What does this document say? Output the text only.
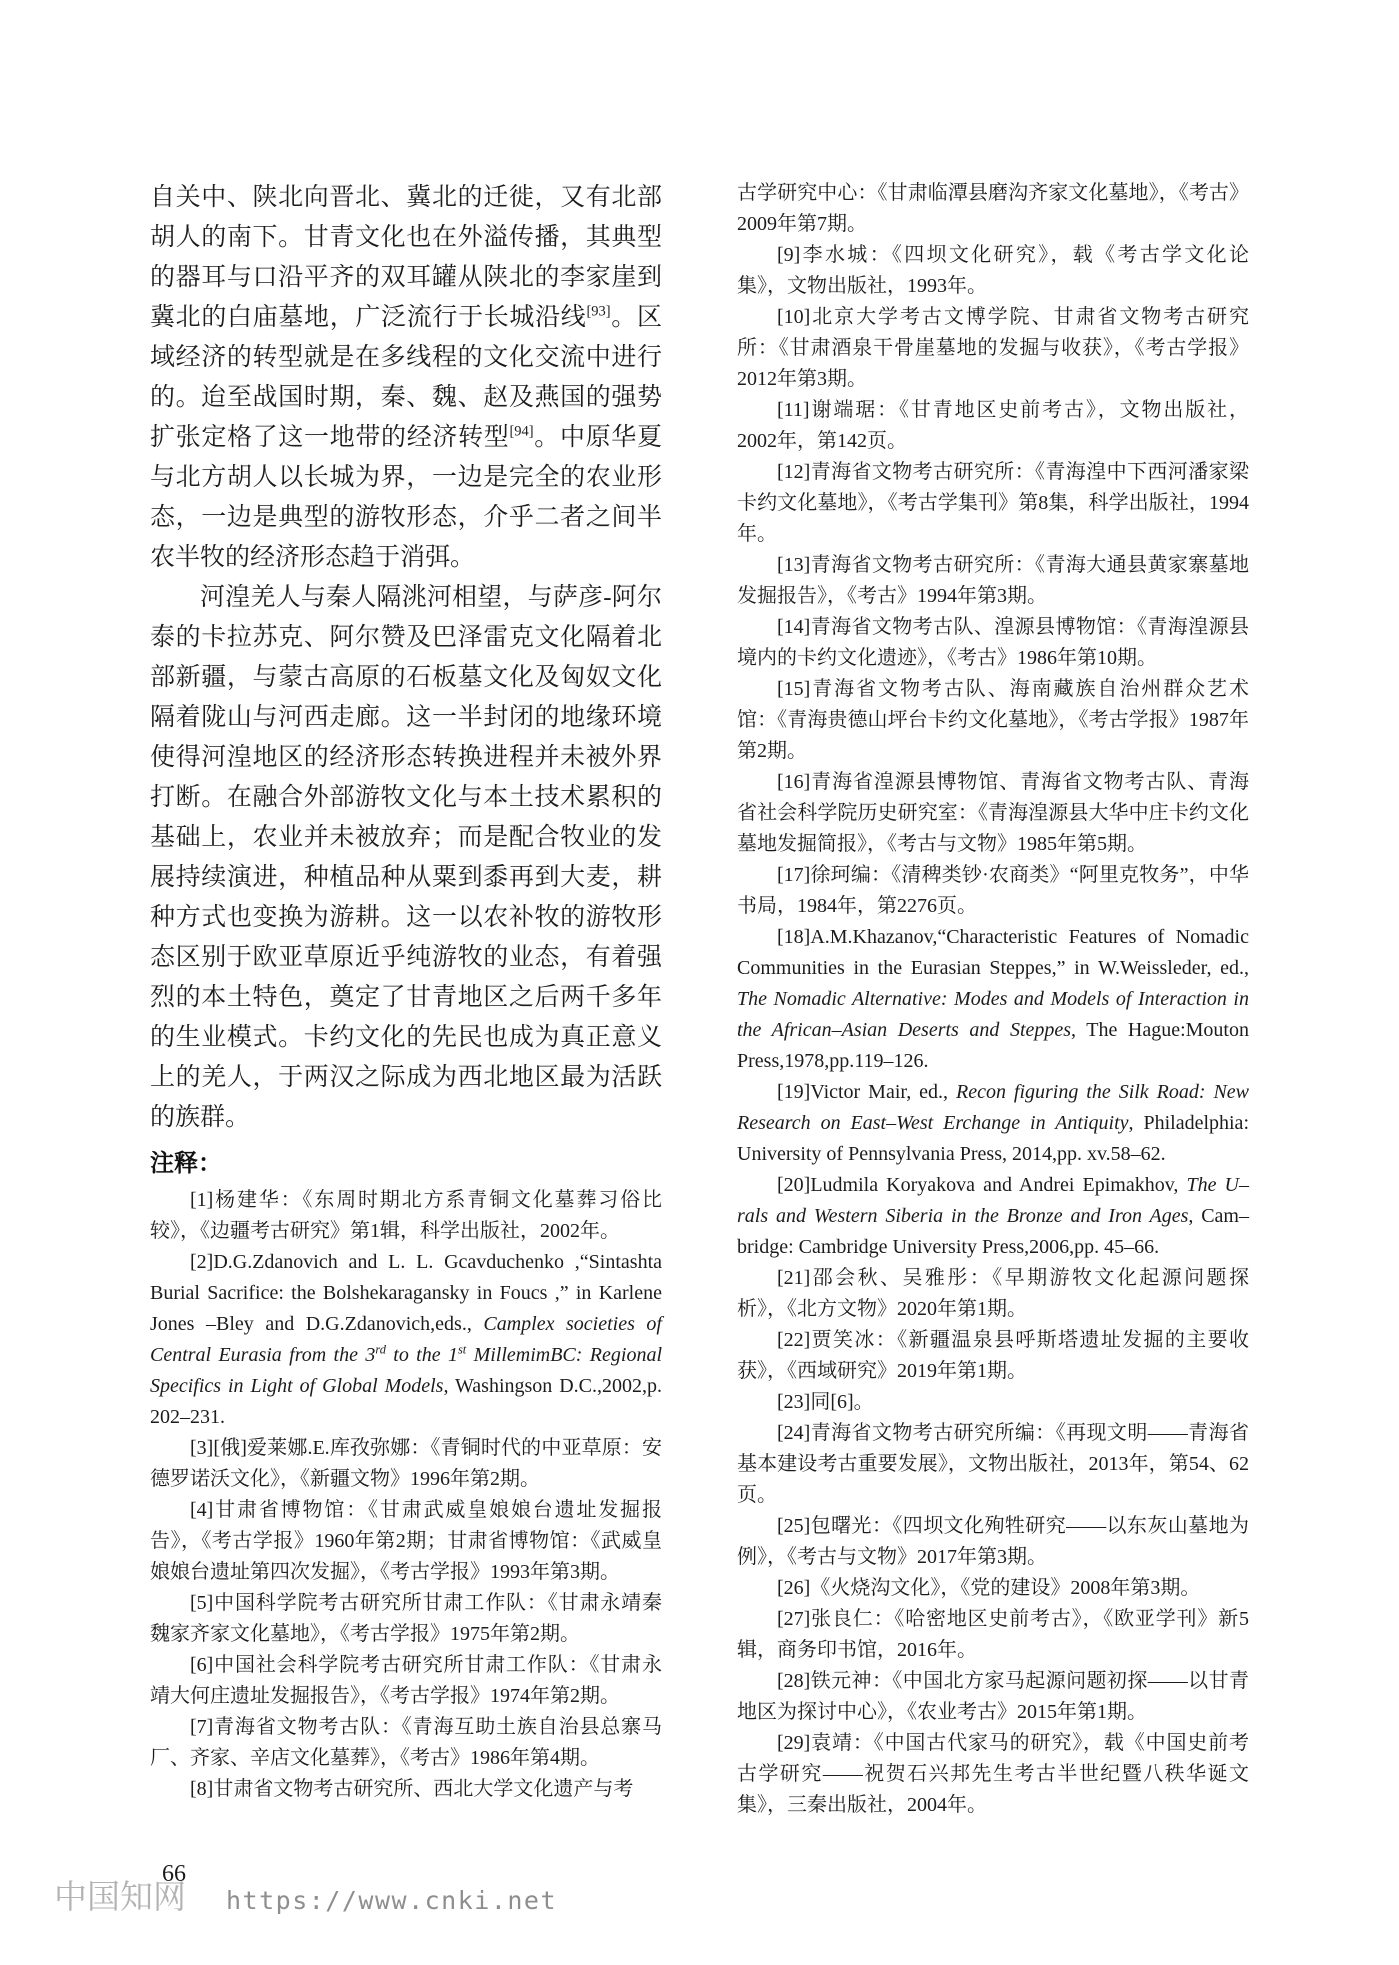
自关中、陕北向晋北、冀北的迁徙，又有北部胡人的南下。甘青文化也在外溢传播，其典型的器耳与口沿平齐的双耳罐从陕北的李家崖到冀北的白庙墓地，广泛流行于长城沿线[93]。区域经济的转型就是在多线程的文化交流中进行的。迨至战国时期，秦、魏、赵及燕国的强势扩张定格了这一地带的经济转型[94]。中原华夏与北方胡人以长城为界，一边是完全的农业形态，一边是典型的游牧形态，介乎二者之间半农半牧的经济形态趋于消弭。

河湟羌人与秦人隔洮河相望，与萨彦-阿尔泰的卡拉苏克、阿尔赞及巴泽雷克文化隔着北部新疆，与蒙古高原的石板墓文化及匈奴文化隔着陇山与河西走廊。这一半封闭的地缘环境使得河湟地区的经济形态转换进程并未被外界打断。在融合外部游牧文化与本土技术累积的基础上，农业并未被放弃；而是配合牧业的发展持续演进，种植品种从粟到黍再到大麦，耕种方式也变换为游耕。这一以农补牧的游牧形态区别于欧亚草原近乎纯游牧的业态，有着强烈的本土特色，奠定了甘青地区之后两千多年的生业模式。卡约文化的先民也成为真正意义上的羌人，于两汉之际成为西北地区最为活跃的族群。

注释：

[1]杨建华：《东周时期北方系青铜文化墓葬习俗比较》，《边疆考古研究》第1辑，科学出版社，2002年。

[2]D.G.Zdanovich and L. L. Gcavduchenko ,“Sintashta Burial Sacrifice: the Bolshekaragansky in Foucs ,” in Karlene Jones –Bley and D.G.Zdanovich,eds., Camplex societies of Central Eurasia from the 3rd to the 1st MillemimBC: Regional Specifics in Light of Global Models, Washingson D.C.,2002,p. 202–231.

[3][俄]爱莱娜.E.库孜弥娜：《青铜时代的中亚草原：安德罗诺沃文化》，《新疆文物》1996年第2期。

[4]甘肃省博物馆：《甘肃武威皇娘娘台遗址发掘报告》，《考古学报》1960年第2期；甘肃省博物馆：《武威皇娘娘台遗址第四次发掘》，《考古学报》1993年第3期。

[5]中国科学院考古研究所甘肃工作队：《甘肃永靖秦魏家齐家文化墓地》，《考古学报》1975年第2期。

[6]中国社会科学院考古研究所甘肃工作队：《甘肃永靖大何庄遗址发掘报告》，《考古学报》1974年第2期。

[7]青海省文物考古队：《青海互助土族自治县总寨马厂、齐家、辛店文化墓葬》，《考古》1986年第4期。

[8]甘肃省文物考古研究所、西北大学文化遗产与考

古学研究中心：《甘肃临潭县磨沟齐家文化墓地》，《考古》2009年第7期。

[9]李水城：《四坝文化研究》，载《考古学文化论集》，文物出版社，1993年。

[10]北京大学考古文博学院、甘肃省文物考古研究所：《甘肃酒泉干骨崖墓地的发掘与收获》，《考古学报》2012年第3期。

[11]谢端琚：《甘青地区史前考古》，文物出版社，2002年，第142页。

[12]青海省文物考古研究所：《青海湟中下西河潘家梁卡约文化墓地》，《考古学集刊》第8集，科学出版社，1994年。

[13]青海省文物考古研究所：《青海大通县黄家寨墓地发掘报告》，《考古》1994年第3期。

[14]青海省文物考古队、湟源县博物馆：《青海湟源县境内的卡约文化遗迹》，《考古》1986年第10期。

[15]青海省文物考古队、海南藏族自治州群众艺术馆：《青海贵德山坪台卡约文化墓地》，《考古学报》1987年第2期。

[16]青海省湟源县博物馆、青海省文物考古队、青海省社会科学院历史研究室：《青海湟源县大华中庄卡约文化墓地发掘简报》，《考古与文物》1985年第5期。

[17]徐珂编：《清稗类钞·农商类》“阿里克牧务”，中华书局，1984年，第2276页。

[18]A.M.Khazanov,“Characteristic Features of Nomadic Communities in the Eurasian Steppes,” in W.Weissleder, ed., The Nomadic Alternative: Modes and Models of Interaction in the African–Asian Deserts and Steppes, The Hague:Mouton Press,1978,pp.119–126.

[19]Victor Mair, ed., Recon figuring the Silk Road: New Research on East–West Erchange in Antiquity, Philadelphia: University of Pennsylvania Press, 2014,pp. xv.58–62.

[20]Ludmila Koryakova and Andrei Epimakhov, The U–rals and Western Siberia in the Bronze and Iron Ages, Cam–bridge: Cambridge University Press,2006,pp. 45–66.

[21]邵会秋、吴雅彤：《早期游牧文化起源问题探析》，《北方文物》2020年第1期。

[22]贾笑冰：《新疆温泉县呼斯塔遗址发掘的主要收获》，《西域研究》2019年第1期。

[23]同[6]。

[24]青海省文物考古研究所编：《再现文明——青海省基本建设考古重要发展》，文物出版社，2013年，第54、62页。

[25]包曙光：《四坝文化殉牲研究——以东灰山墓地为例》，《考古与文物》2017年第3期。

[26]《火烧沟文化》，《党的建设》2008年第3期。

[27]张良仁：《哈密地区史前考古》，《欧亚学刊》新5辑，商务印书馆，2016年。

[28]铁元神：《中国北方家马起源问题初探——以甘青地区为探讨中心》，《农业考古》2015年第1期。

[29]袁靖：《中国古代家马的研究》，载《中国史前考古学研究——祝贺石兴邦先生考古半世纪暨八秩华诞文集》，三秦出版社，2004年。

66
中国知网 https://www.cnki.net
